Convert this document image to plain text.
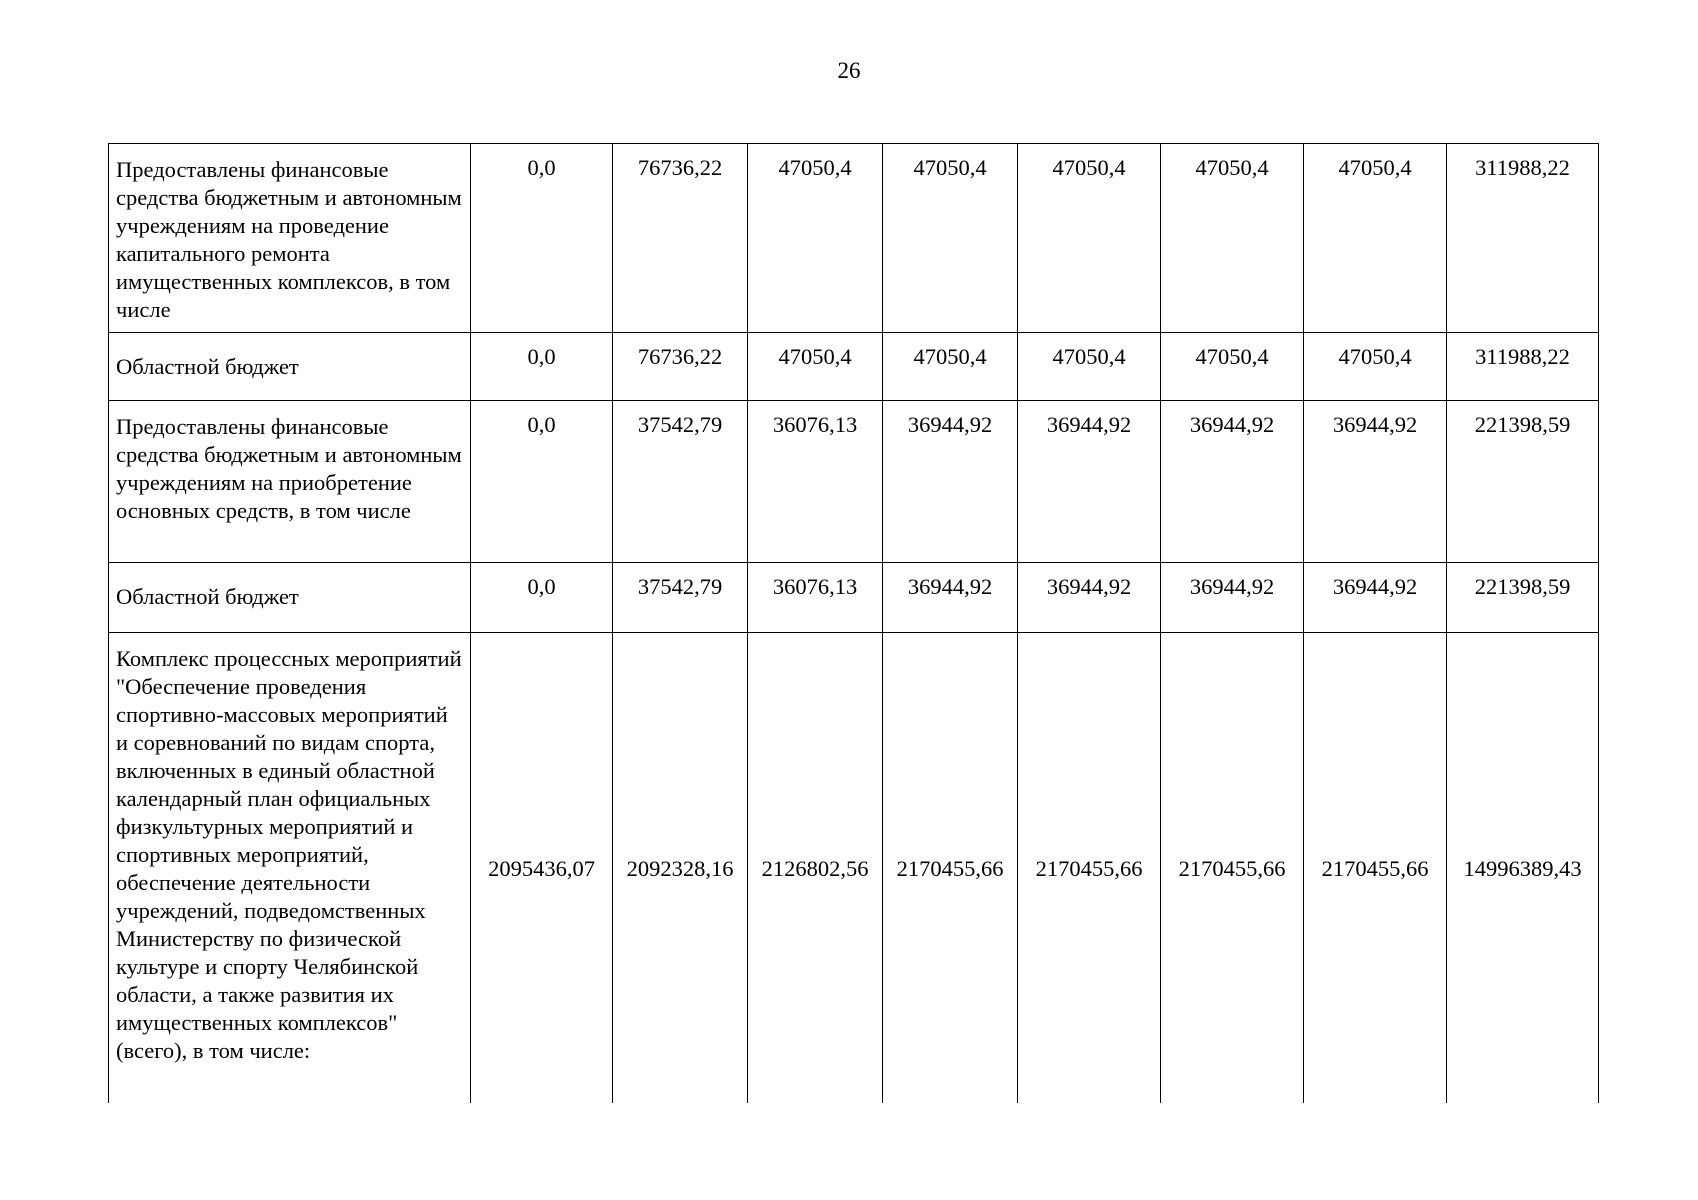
26
Предоставлены финансовые средства бюджетным и автономным учреждениям на проведение капитального ремонта имущественных комплексов, в том числе	0,0	76736,22	47050,4	47050,4	47050,4	47050,4	47050,4	311988,22
Областной бюджет	0,0	76736,22	47050,4	47050,4	47050,4	47050,4	47050,4	311988,22
Предоставлены финансовые средства бюджетным и автономным учреждениям на приобретение основных средств, в том числе	0,0	37542,79	36076,13	36944,92	36944,92	36944,92	36944,92	221398,59
Областной бюджет	0,0	37542,79	36076,13	36944,92	36944,92	36944,92	36944,92	221398,59
Комплекс процессных мероприятий "Обеспечение проведения спортивно-массовых мероприятий и соревнований по видам спорта, включенных в единый областной календарный план официальных физкультурных мероприятий и спортивных мероприятий, обеспечение деятельности учреждений, подведомственных Министерству по физической культуре и спорту Челябинской области, а также развития их имущественных комплексов" (всего), в том числе:	2095436,07	2092328,16	2126802,56	2170455,66	2170455,66	2170455,66	2170455,66	14996389,43
